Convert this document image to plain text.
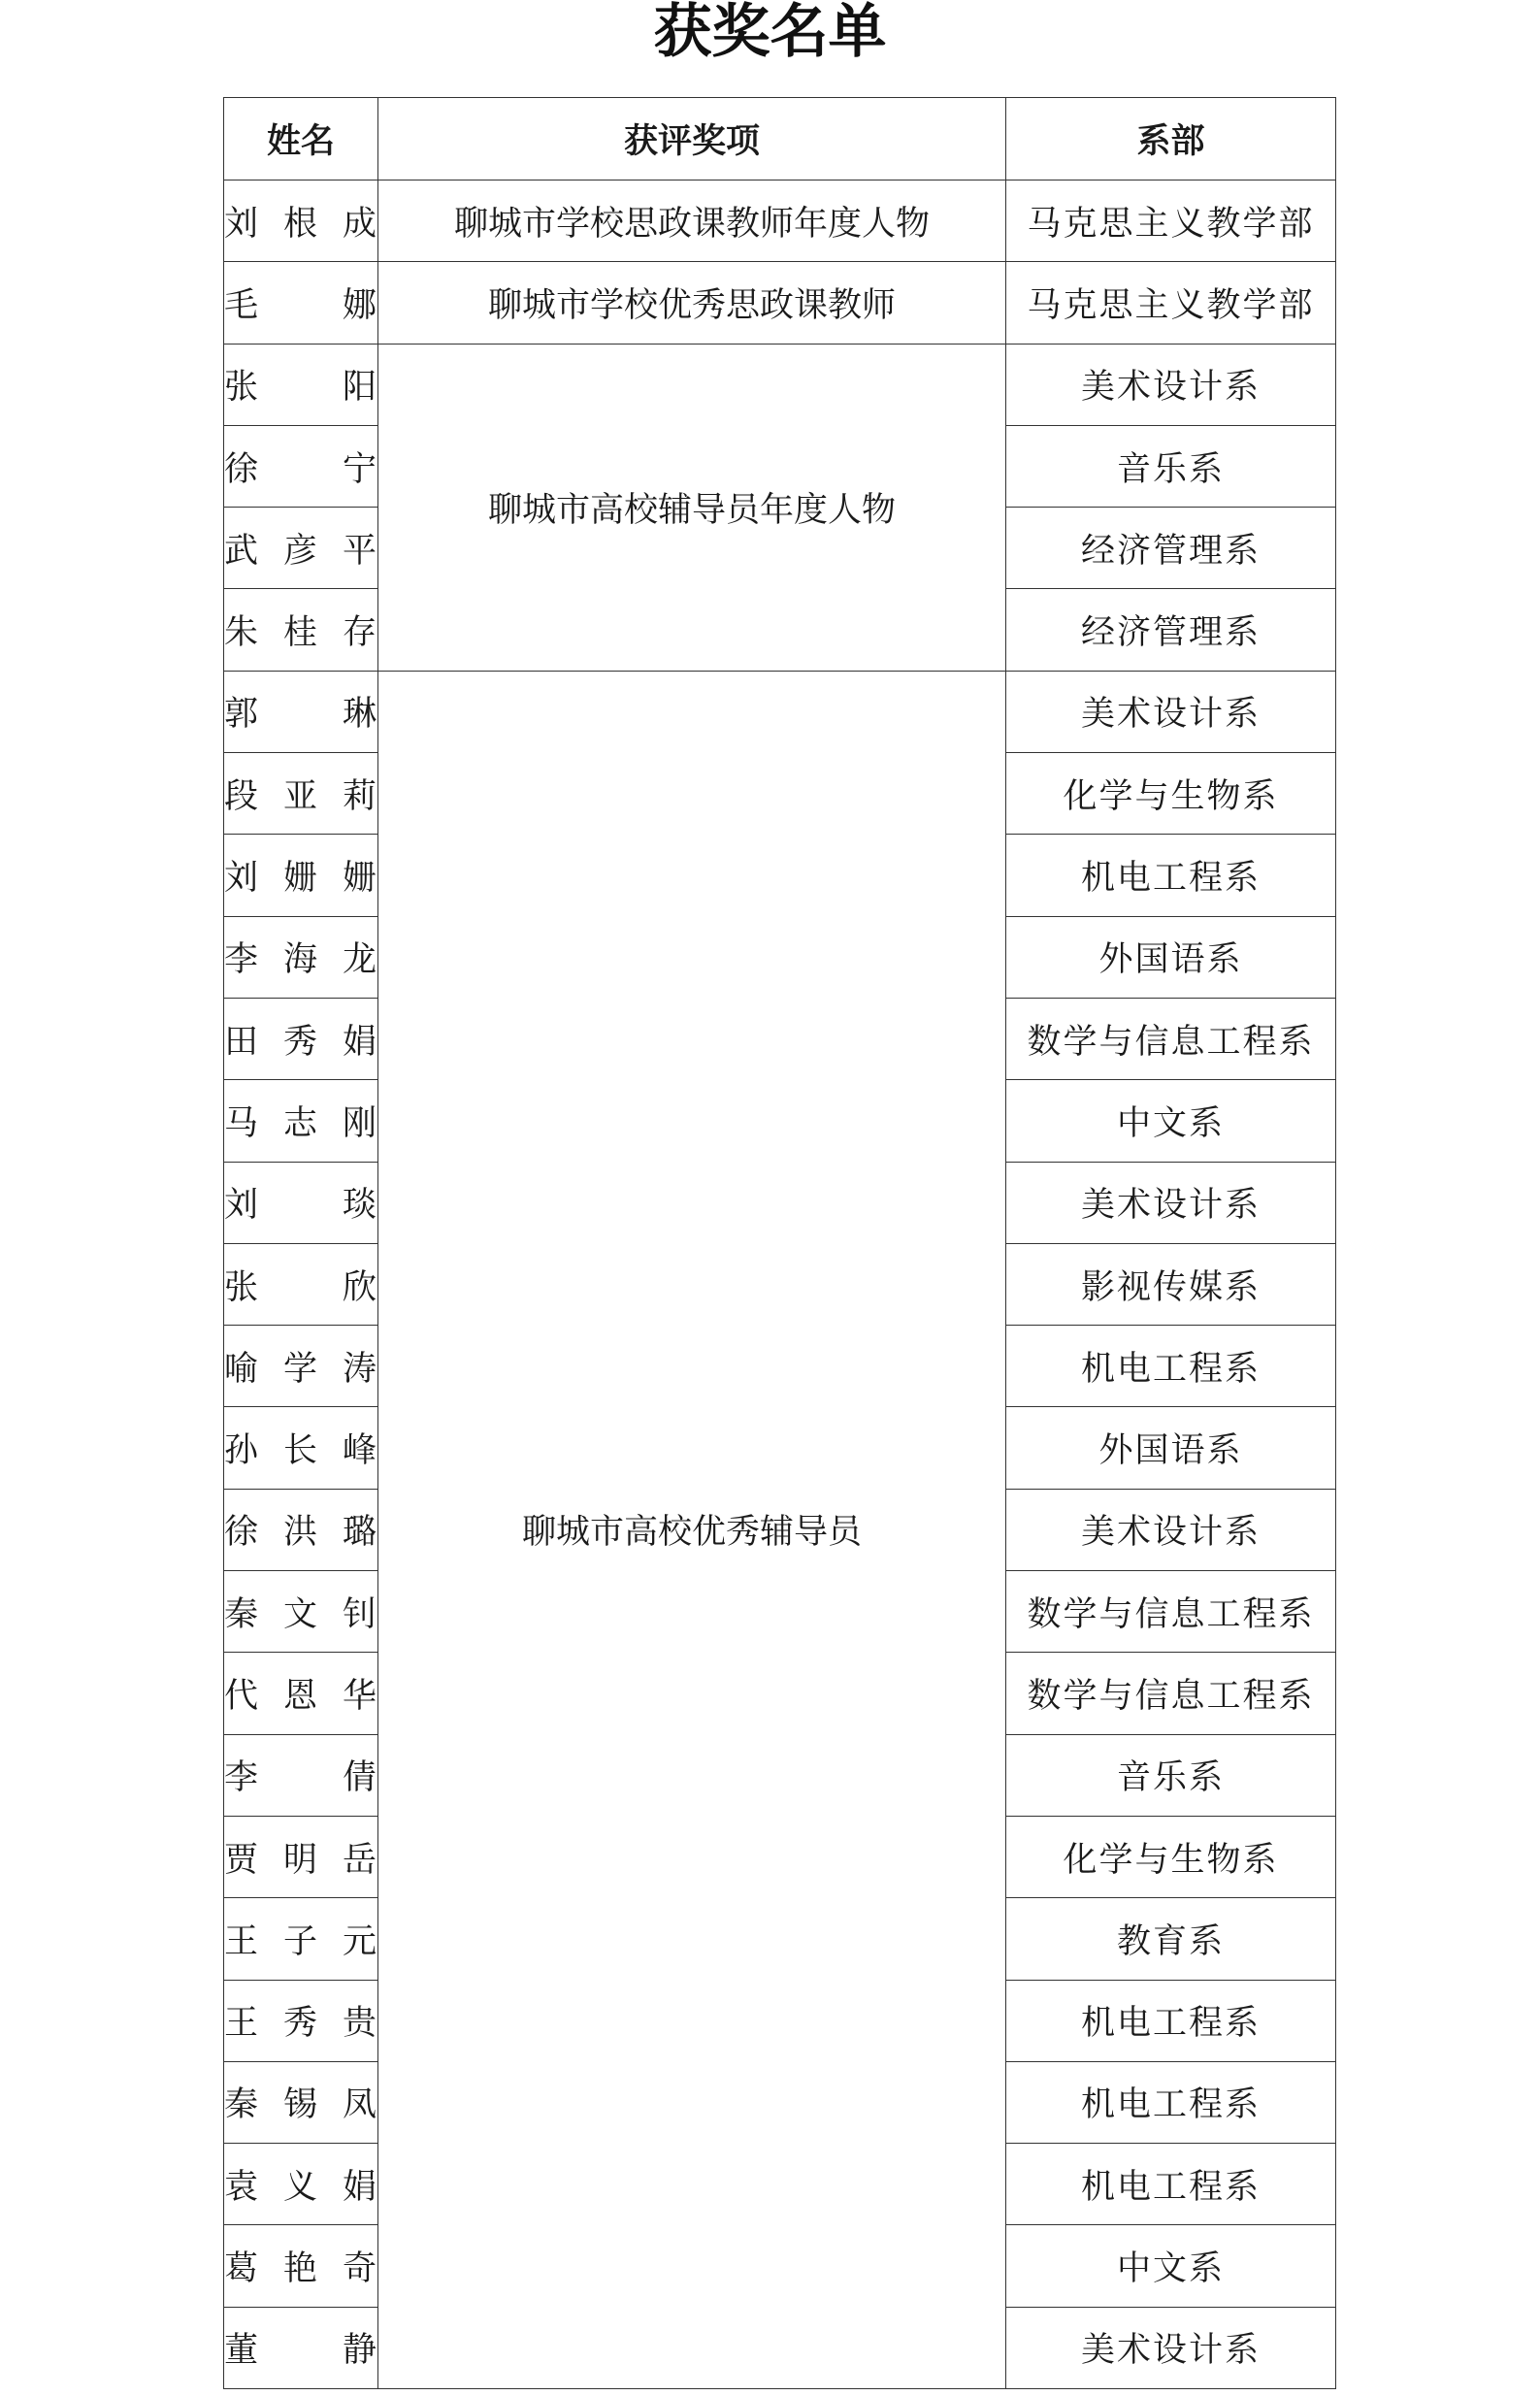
获奖名单
姓名	获评奖项	系部
刘根成	聊城市学校思政课教师年度人物	马克思主义教学部
毛　娜	聊城市学校优秀思政课教师	马克思主义教学部
张　阳	聊城市高校辅导员年度人物	美术设计系
徐　宁		音乐系
武彦平		经济管理系
朱桂存		经济管理系
郭　琳	聊城市高校优秀辅导员	美术设计系
段亚莉		化学与生物系
刘姗姗		机电工程系
李海龙		外国语系
田秀娟		数学与信息工程系
马志刚		中文系
刘　琰		美术设计系
张　欣		影视传媒系
喻学涛		机电工程系
孙长峰		外国语系
徐洪璐		美术设计系
秦文钊		数学与信息工程系
代恩华		数学与信息工程系
李　倩		音乐系
贾明岳		化学与生物系
王子元		教育系
王秀贵		机电工程系
秦锡凤		机电工程系
袁义娟		机电工程系
葛艳奇		中文系
董　静		美术设计系
